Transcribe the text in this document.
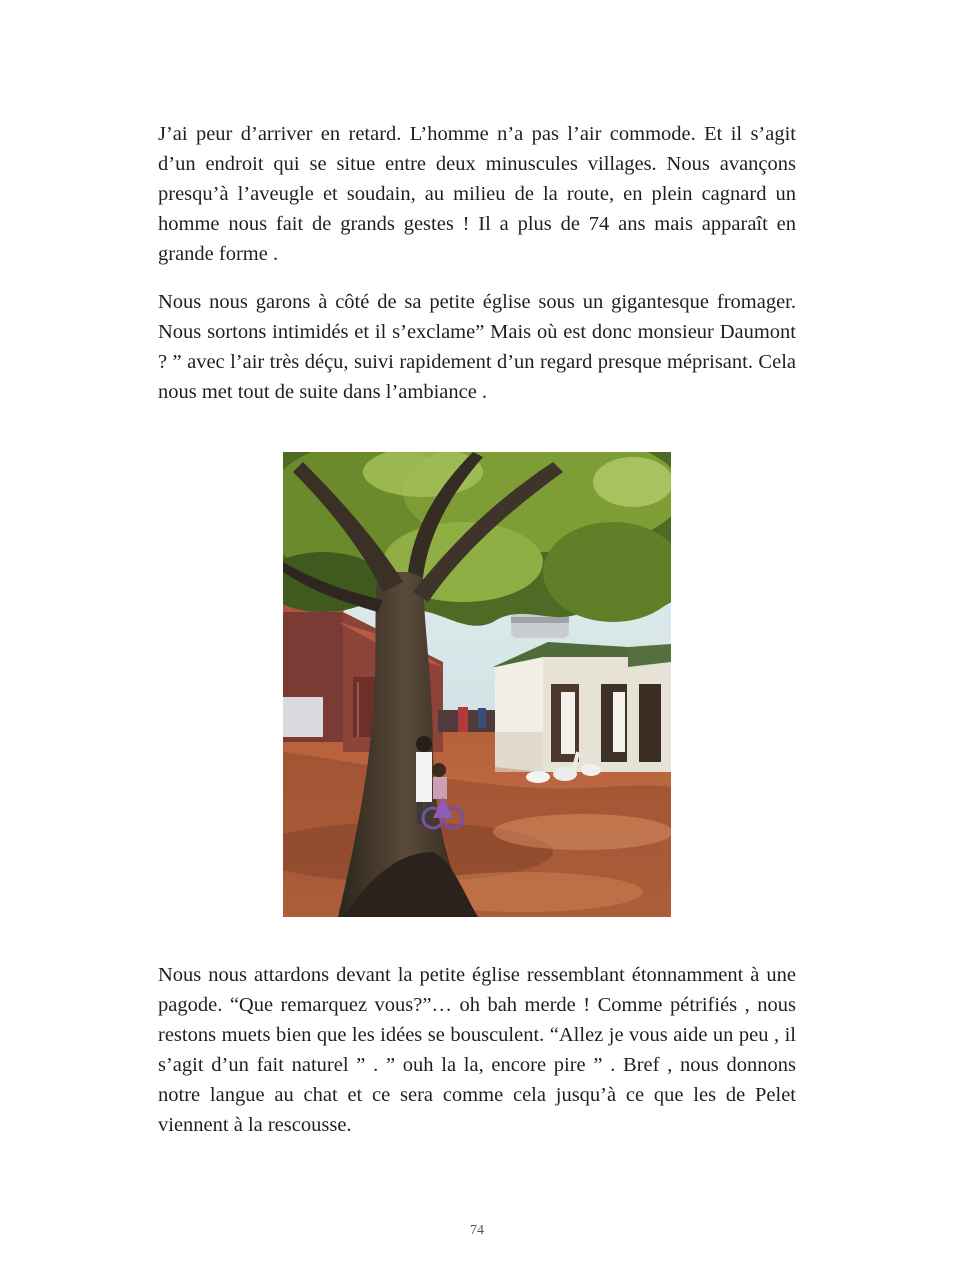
J’ai peur d’arriver en retard. L’homme n’a pas l’air commode. Et il s’agit d’un endroit qui se situe entre deux minuscules villages. Nous avançons presqu’à l’aveugle et soudain, au milieu de la route, en plein cagnard un homme nous fait de grands gestes ! Il a plus de 74 ans mais apparaît en grande forme .

Nous nous garons à côté de sa petite église sous un gigantesque fromager. Nous sortons intimidés et il s’exclame” Mais où est donc monsieur Daumont ? ” avec l’air très déçu, suivi rapidement d’un regard presque méprisant. Cela nous met tout de suite dans l’ambiance .

Nous nous attardons devant la petite église ressemblant étonnamment à une pagode. “Que remarquez vous?”… oh bah merde ! Comme pétrifiés , nous restons muets bien que les idées se bousculent. “Allez je vous aide un peu , il s’agit d’un fait naturel ” . ” ouh la la, encore pire ” . Bref , nous donnons notre langue au chat et ce sera comme cela jusqu’à ce que les de Pelet viennent à la rescousse.

74
